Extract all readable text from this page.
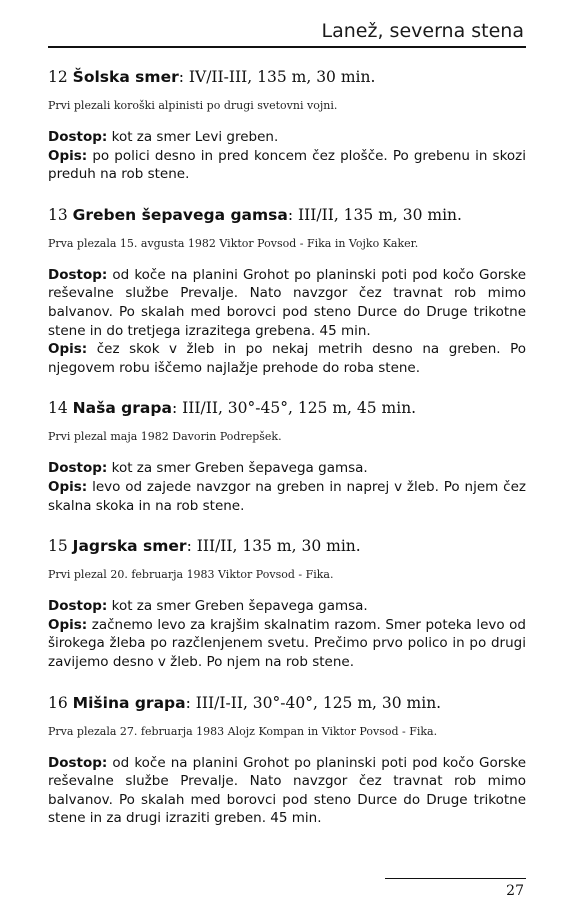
Lanež, severna stena
12 Šolska smer: IV/II-III, 135 m, 30 min.
Prvi plezali koroški alpinisti po drugi svetovni vojni.

Dostop: kot za smer Levi greben.

Opis: po polici desno in pred koncem čez plošče. Po grebenu in skozi preduh na rob stene.

13 Greben šepavega gamsa: III/II, 135 m, 30 min.
Prva plezala 15. avgusta 1982 Viktor Povsod - Fika in Vojko Kaker.

Dostop: od koče na planini Grohot po planinski poti pod kočo Gorske reševalne službe Prevalje. Nato navzgor čez travnat rob mimo balvanov. Po skalah med borovci pod steno Durce do Druge trikotne stene in do tretjega izrazitega grebena. 45 min.

Opis: čez skok v žleb in po nekaj metrih desno na greben. Po njegovem robu iščemo najlažje prehode do roba stene.

14 Naša grapa: III/II, 30°-45°, 125 m, 45 min.
Prvi plezal maja 1982 Davorin Podrepšek.

Dostop: kot za smer Greben šepavega gamsa.

Opis: levo od zajede navzgor na greben in naprej v žleb. Po njem čez skalna skoka in na rob stene.

15 Jagrska smer: III/II, 135 m, 30 min.
Prvi plezal 20. februarja 1983 Viktor Povsod - Fika.

Dostop: kot za smer Greben šepavega gamsa.

Opis: začnemo levo za krajšim skalnatim razom. Smer poteka levo od širokega žleba po razčlenjenem svetu. Prečimo prvo polico in po drugi zavijemo desno v žleb. Po njem na rob stene.

16 Mišina grapa: III/I-II, 30°-40°, 125 m, 30 min.
Prva plezala 27. februarja 1983 Alojz Kompan in Viktor Povsod - Fika.

Dostop: od koče na planini Grohot po planinski poti pod kočo Gorske reševalne službe Prevalje. Nato navzgor čez travnat rob mimo balvanov. Po skalah med borovci pod steno Durce do Druge trikotne stene in za drugi izraziti greben. 45 min.

27
